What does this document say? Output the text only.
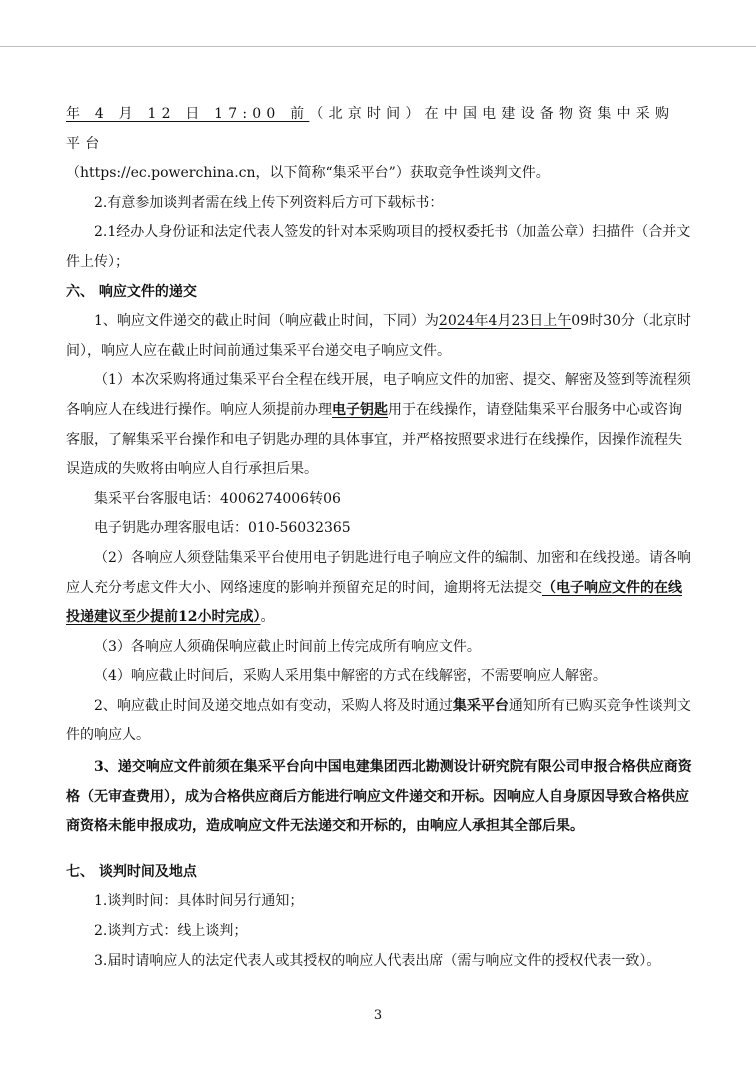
年 4 月 12 日 17:00 前（北京时间）在中国电建设备物资集中采购平台

（https://ec.powerchina.cn，以下简称“集采平台”）获取竞争性谈判文件。

2.有意参加谈判者需在线上传下列资料后方可下载标书：

2.1经办人身份证和法定代表人签发的针对本采购项目的授权委托书（加盖公章）扫描件（合并文件上传）；

六、 响应文件的递交

1、响应文件递交的截止时间（响应截止时间，下同）为2024年4月23日上午09时30分（北京时间），响应人应在截止时间前通过集采平台递交电子响应文件。

（1）本次采购将通过集采平台全程在线开展，电子响应文件的加密、提交、解密及签到等流程须各响应人在线进行操作。响应人须提前办理电子钥匙用于在线操作，请登陆集采平台服务中心或咨询客服，了解集采平台操作和电子钥匙办理的具体事宜，并严格按照要求进行在线操作，因操作流程失误造成的失败将由响应人自行承担后果。

集采平台客服电话：4006274006转06

电子钥匙办理客服电话：010-56032365

（2）各响应人须登陆集采平台使用电子钥匙进行电子响应文件的编制、加密和在线投递。请各响应人充分考虑文件大小、网络速度的影响并预留充足的时间，逾期将无法提交（电子响应文件的在线投递建议至少提前12小时完成）。

（3）各响应人须确保响应截止时间前上传完成所有响应文件。

（4）响应截止时间后，采购人采用集中解密的方式在线解密，不需要响应人解密。

2、响应截止时间及递交地点如有变动，采购人将及时通过集采平台通知所有已购买竞争性谈判文件的响应人。

3、递交响应文件前须在集采平台向中国电建集团西北勘测设计研究院有限公司申报合格供应商资格（无审查费用），成为合格供应商后方能进行响应文件递交和开标。因响应人自身原因导致合格供应商资格未能申报成功，造成响应文件无法递交和开标的，由响应人承担其全部后果。

七、 谈判时间及地点

1.谈判时间：具体时间另行通知；

2.谈判方式：线上谈判；

3.届时请响应人的法定代表人或其授权的响应人代表出席（需与响应文件的授权代表一致）。

3
